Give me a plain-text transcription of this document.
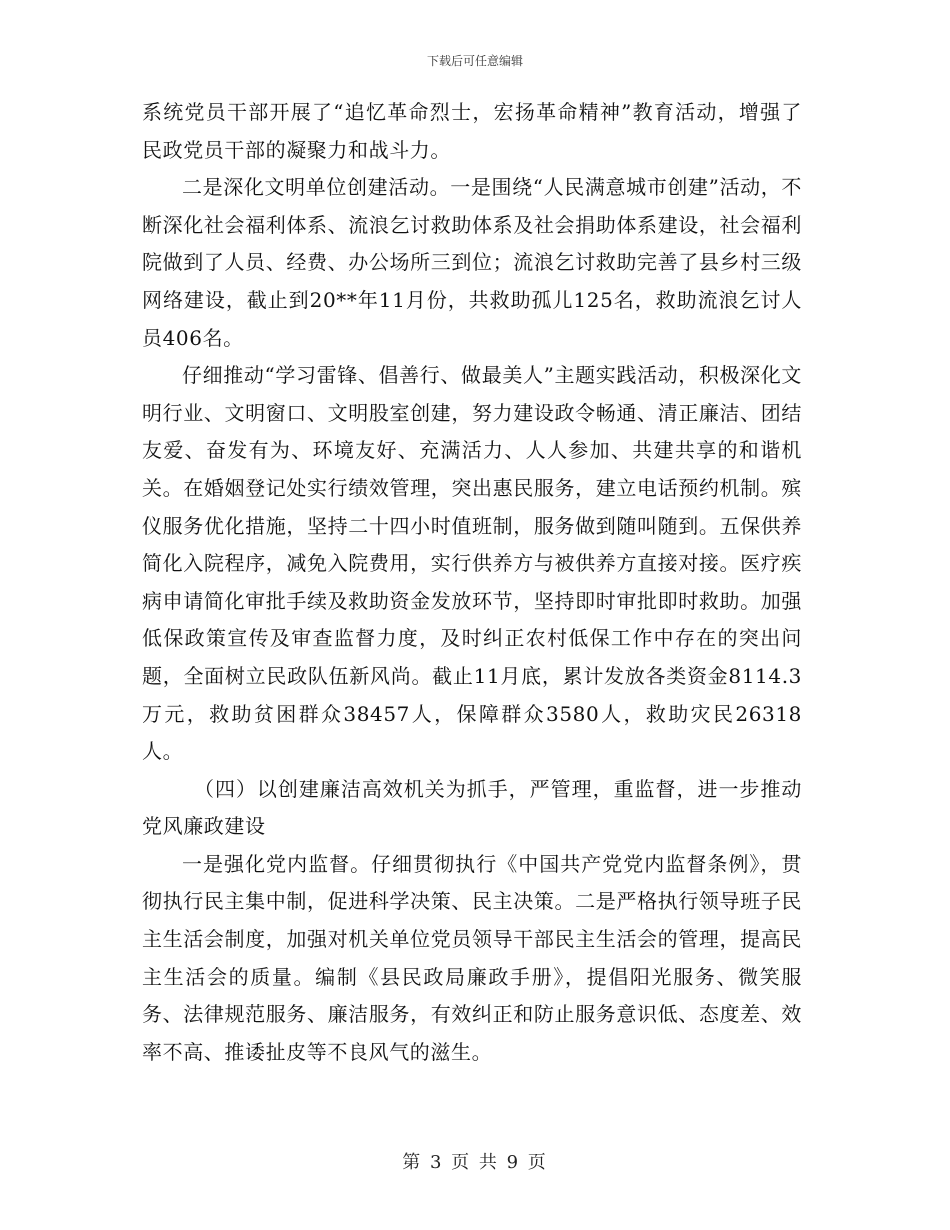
下载后可任意编辑

系统党员干部开展了“追忆革命烈士，宏扬革命精神”教育活动，增强了民政党员干部的凝聚力和战斗力。

二是深化文明单位创建活动。一是围绕“人民满意城市创建”活动，不断深化社会福利体系、流浪乞讨救助体系及社会捐助体系建设，社会福利院做到了人员、经费、办公场所三到位；流浪乞讨救助完善了县乡村三级网络建设，截止到20**年11月份，共救助孤儿125名，救助流浪乞讨人员406名。

仔细推动“学习雷锋、倡善行、做最美人”主题实践活动，积极深化文明行业、文明窗口、文明股室创建，努力建设政令畅通、清正廉洁、团结友爱、奋发有为、环境友好、充满活力、人人参加、共建共享的和谐机关。在婚姻登记处实行绩效管理，突出惠民服务，建立电话预约机制。殡仪服务优化措施，坚持二十四小时值班制，服务做到随叫随到。五保供养简化入院程序，减免入院费用，实行供养方与被供养方直接对接。医疗疾病申请简化审批手续及救助资金发放环节，坚持即时审批即时救助。加强低保政策宣传及审查监督力度，及时纠正农村低保工作中存在的突出问题，全面树立民政队伍新风尚。截止11月底，累计发放各类资金8114.3万元，救助贫困群众38457人，保障群众3580人，救助灾民26318人。

（四）以创建廉洁高效机关为抓手，严管理，重监督，进一步推动党风廉政建设

一是强化党内监督。仔细贯彻执行《中国共产党党内监督条例》，贯彻执行民主集中制，促进科学决策、民主决策。二是严格执行领导班子民主生活会制度，加强对机关单位党员领导干部民主生活会的管理，提高民主生活会的质量。编制《县民政局廉政手册》，提倡阳光服务、微笑服务、法律规范服务、廉洁服务，有效纠正和防止服务意识低、态度差、效率不高、推诿扯皮等不良风气的滋生。

第 3 页 共 9 页
